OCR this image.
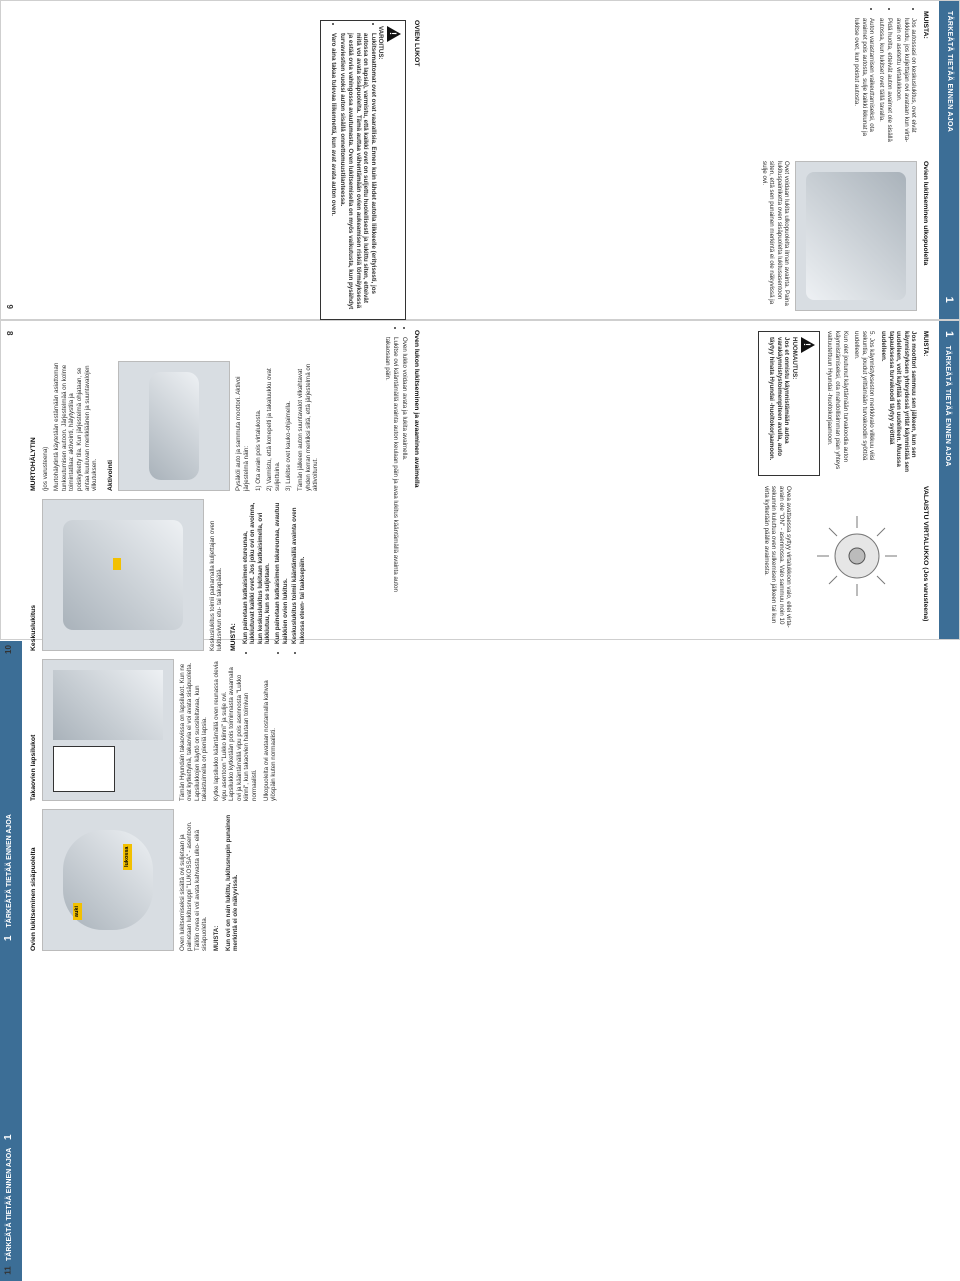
TÄRKEÄTÄ TIETÄÄ ENNEN AJOA
1
MUISTA:
• Jos autossasi on keskuslukitus, ovet eivät lukkiudu, jos kuljettajan ovi avataan kun virta-avain on asetettu virtalukkoon.
• Pidä huolta, etteivät auton avaimet ole sisällä autossa, kun lukitset ovet tällä tavalla.
• Auton varastamisen vaikeuttamiseksi, ota avaimet pois autosta, sulje kaikki ikkunat ja lukitse ovet, kun poistut autosta.
Ovien lukitseminen ulkopuolelta

Ovet voidaan lukita ulkopuolelta ilman avainta. Paina lukituspainiketta oven sisäpuolelta lukitusasentoon siten, että sen punainen merkintä ei ole näkyvissä ja sulje ovi.

9
1 TÄRKEÄTÄ TIETÄÄ ENNEN AJOA

MUISTA:

Jos moottori sammuu sen jälkeen, kun sen käynnistyksen yhteydessä yrität käynnistää sen uudelleen, voit käyttää sen uudelleen. Muussa tapauksessa turvakoodi täytyy syöttää uudelleen.

5. Jos käynnistykseston merkkivalo vilkkuu viisi sekuntia, joudut yrittämään turvakoodin syöttöä uudelleen.

Kun olet joutunut käyttämään turvakoodia auton käynnistämiseksi, ota mahdollisimman pian yhteys valtuutettuun Hyundai -huoltokorjaamoon.

!
HUOMAUTUS:

Jos et onnistu käynnistämään autoa varakäynnistystoimenpiteen avulla, auto täytyy hinata Hyundai -huoltokorjaamoon.

VALAISTU VIRTALUKKO (Jos varusteena)

Ovea avattaessa syttyy virtalukkoon valo, ellei virta-avain ole "ON" - asennossa. Valo sammuu noin 10 sekunnin kuluttua oven sulkemisen jälkeen tai kun virta kytketään päälle avaimesta.

8
OVIEN LUKOT
!
VAROITUS:
• Lukitsemattomat ovet ovat vaarallisia. Ennen kuin lähdet autolla liikkeelle (erityisesti, jos autossa on lapsia), varmistu, että kaikki ovet on suljettu huolellisesti ja lukittu siten, etteivät niitä voi avata sisäpuolelta. Tämä auttaa vähentämään ovien aukeamisen riskiä törmäyksessä ja estää ovia vahingossa avautumasta. Oven lukitsemisella on myös vaikutusta, kun pysähdyt turvaviestien vuoksi auton sisällä onnettomuustilanteessa.
• Varo aina takaa tulevaa liikennettä, kun avat avata auton oven.
Oven lukon lukitseminen ja avaaminen avaimella
• Oven lukko voidaan avata ja lukita avaimella.
• Lukitse ovi kääntämällä avainta auton keulaan päin ja avaa lukitus kääntämällä avainta auton takaosaan päin.
1 TÄRKEÄTÄ TIETÄÄ ENNEN AJOA
TÄRKEÄTÄ TIETÄÄ ENNEN AJOA 1
10
11
Ovien lukitseminen sisäpuolelta	auki
lukossa	Oven lukitsemiseksi sisältä ovi suljetaan ja painetaan lukitusnuppi "LUKOSSA" - asentoon. Tällöin ovea ei voi avata kahvasta ulko- eikä sisäpuolelta. MUISTA: Kun ovi on nain lukittu, lukitusnupin punainen merkintä ei ole näkyvissä.

Takaovien lapsilukot	Tämän Hyundain takaovissa on lapsilukot. Kun ne ovat kytkettyinä, takaovia ei voi avata sisäpuolelta. Lapsilukkojen käyttö on suositeltavaa, kun takaistuimella on pieniä lapsia. Kytke lapsilukko kääntämällä oven reunassa olevia vipu asentoon "Lukko kiinni" ja sulje ovi. Lapsilukko kytketään pois toiminnasta avaamalla ovi ja kääntämällä vipu pois asennosta "Lukko kiinni", kun takaovien halutaan toimivan normaalisti. Ulkopuolelta ovi avataan nostamalla kahvaa ylöspäin kuten normaalisti.

Keskuslukitus	Keskuslukitus toimii painamalla kuljettajan oven lukitusvivun etu- tai takapäätä. MUISTA: • Kun painetaan katkaisimen etureunaa, lukkiutuvat kaikki ovet. Jos joku ovi on avoinna, kun keskuslukitus lukitaan katkaisimella, ovi lukkiutuu, kun se suljetaan. • Kun painetaan katkaisimen takareunaa, avautuu kaikkien ovien lukitus. • Keskuslukitus toimii kääntämällä avainta oven lukossa eteen- tai taaksepäin.
MURTOHÄLYTIN (jos varusteena) Murtohälytintä käytetään estämään asiattoman tunkeutumisen autoon. Järjestelmää on kolme toimintatilaa: aktivointi, hälytystila ja poiskytketty tila. Kun järjestelmä ohjataan, se antaa kuuluvan merkkiäänen ja suuntavalojen vilkutuksen. Aktivointi	Pysäköi auto ja sammuta moottori. Aktivoi järjestelmä näin: 1) Ota avain pois virtalukosta. 2) Varmistu, että konepelti ja takaluukku ovat suljettuina. 3) Lukitse ovet kauko-ohjaimella. Tämän jälkeen auton suuntavalot vilkahtavat yhden kerran merkiksi siitä, että järjestelmä on aktivoitunut.
